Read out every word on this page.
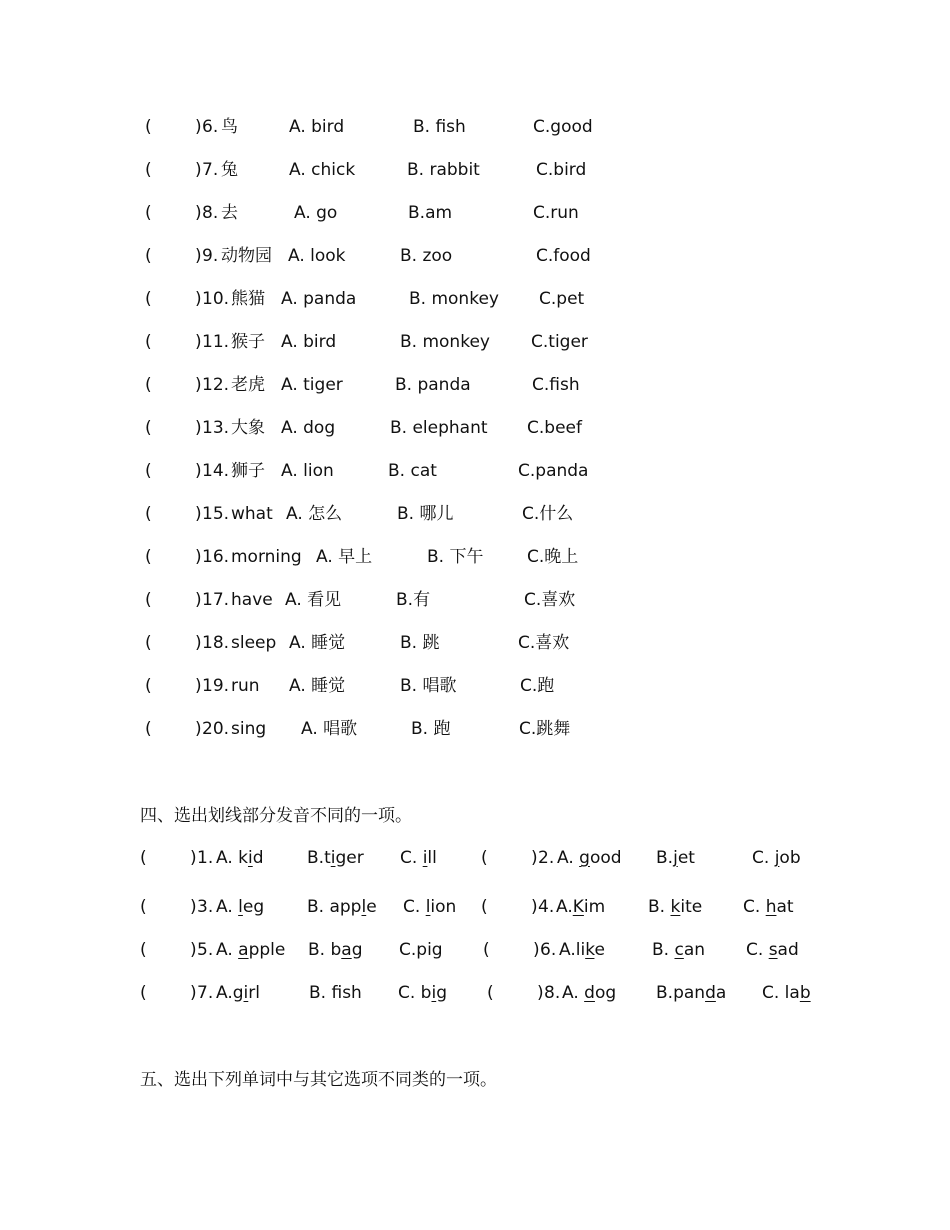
(	) 6. 鸟	A. bird	B. fish	C.good
(	) 7. 兔	A. chick	B. rabbit	C.bird
(	) 8. 去	A. go	B.am	C.run
(	) 9. 动物园 A. look	B. zoo	C.food
(	) 10. 熊猫 A. panda	B. monkey C.pet
(	) 11. 猴子 A. bird	B. monkey C.tiger
(	) 12. 老虎 A. tiger	B. panda	C.fish
(	) 13. 大象 A. dog	B. elephant C.beef
(	) 14. 狮子 A. lion	B. cat	C.panda
(	) 15. what A. 怎么	B. 哪儿	C.什么
(	) 16. morning A. 早上	B. 下午	C.晚上
(	) 17. have A. 看见	B.有	C.喜欢
(	) 18. sleep A. 睡觉	B. 跳	C.喜欢
(	) 19. run A. 睡觉	B. 唱歌	C.跑
(	) 20. sing A. 唱歌	B. 跑	C.跳舞
四、选出划线部分发音不同的一项。
(	) 1. A. kid	B.tiger C. ill	(	) 2. A. good B.jet	C. job
(	) 3. A. leg	B. apple C. lion (	) 4. A.Kim	B. kite C. hat
(	) 5. A. apple B. bag C.pig (	) 6. A.like	B. can C. sad
(	) 7. A.girl	B. fsh C. big (	) 8. A. dog B.panda C. lab
五、选出下列单词中与其它选项不同类的一项。
